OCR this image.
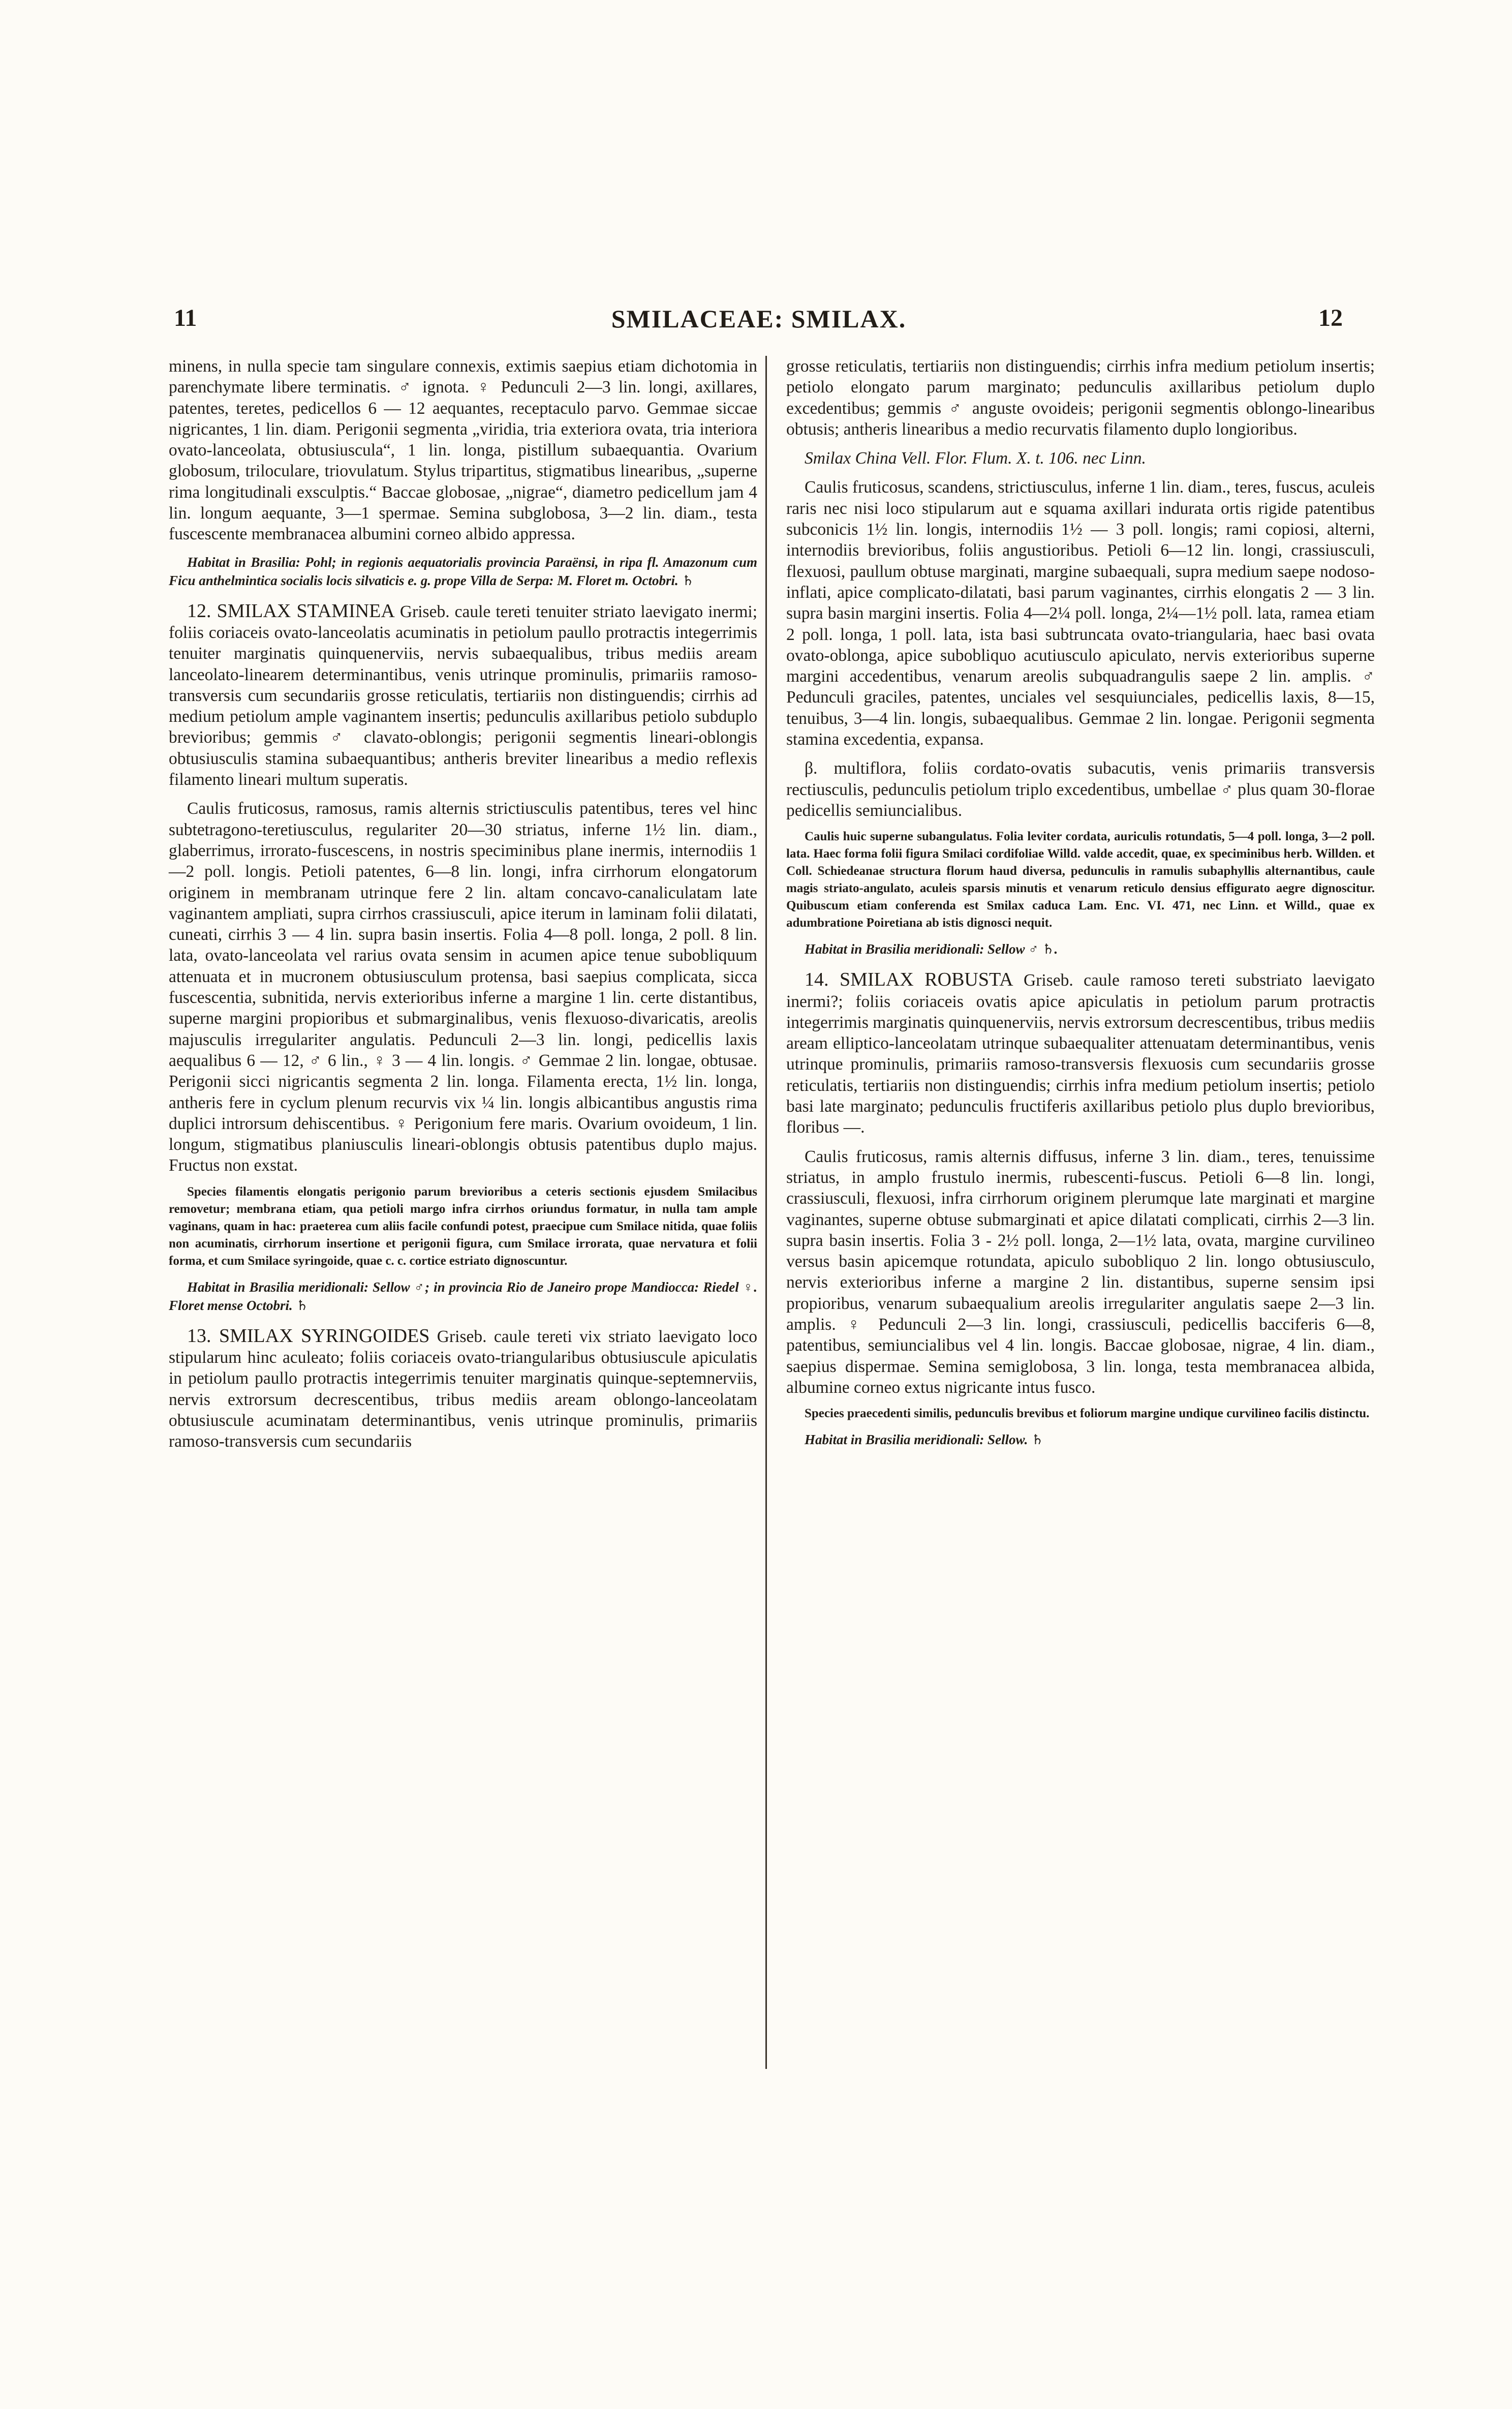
11	SMILACEAE: SMILAX.	12

minens, in nulla specie tam singulare connexis, extimis saepius etiam dichotomia in parenchymate libere terminatis. ♂ ignota. ♀ Pedunculi 2—3 lin. longi, axillares, patentes, teretes, pedicellos 6 — 12 aequantes, receptaculo parvo. Gemmae siccae nigricantes, 1 lin. diam. Perigonii segmenta „viridia, tria exteriora ovata, tria interiora ovato-lanceolata, obtusiuscula“, 1 lin. longa, pistillum subaequantia. Ovarium globosum, triloculare, triovulatum. Stylus tripartitus, stigmatibus linearibus, „superne rima longitudinali exsculptis.“ Baccae globosae, „nigrae“, diametro pedicellum jam 4 lin. longum aequante, 3—1 spermae. Semina subglobosa, 3—2 lin. diam., testa fuscescente membranacea albumini corneo albido appressa.

Habitat in Brasilia: Pohl; in regionis aequatorialis provincia Paraënsi, in ripa fl. Amazonum cum Ficu anthelmintica socialis locis silvaticis e. g. prope Villa de Serpa: M. Floret m. Octobri. ♄

12. SMILAX STAMINEA Griseb. caule tereti tenuiter striato laevigato inermi; foliis coriaceis ovato-lanceolatis acuminatis in petiolum paullo protractis integerrimis tenuiter marginatis quinquenerviis, nervis subaequalibus, tribus mediis aream lanceolato-linearem determinantibus, venis utrinque prominulis, primariis ramoso-transversis cum secundariis grosse reticulatis, tertiariis non distinguendis; cirrhis ad medium petiolum ample vaginantem insertis; pedunculis axillaribus petiolo subduplo brevioribus; gemmis ♂ clavato-oblongis; perigonii segmentis lineari-oblongis obtusiusculis stamina subaequantibus; antheris breviter linearibus a medio reflexis filamento lineari multum superatis.

Caulis fruticosus, ramosus, ramis alternis strictiusculis patentibus, teres vel hinc subtetragono-teretiusculus, regulariter 20—30 striatus, inferne 1½ lin. diam., glaberrimus, irrorato-fuscescens, in nostris speciminibus plane inermis, internodiis 1—2 poll. longis. Petioli patentes, 6—8 lin. longi, infra cirrhorum elongatorum originem in membranam utrinque fere 2 lin. altam concavo-canaliculatam late vaginantem ampliati, supra cirrhos crassiusculi, apice iterum in laminam folii dilatati, cuneati, cirrhis 3 — 4 lin. supra basin insertis. Folia 4—8 poll. longa, 2 poll. 8 lin. lata, ovato-lanceolata vel rarius ovata sensim in acumen apice tenue subobliquum attenuata et in mucronem obtusiusculum protensa, basi saepius complicata, sicca fuscescentia, subnitida, nervis exterioribus inferne a margine 1 lin. certe distantibus, superne margini propioribus et submarginalibus, venis flexuoso-divaricatis, areolis majusculis irregulariter angulatis. Pedunculi 2—3 lin. longi, pedicellis laxis aequalibus 6 — 12, ♂ 6 lin., ♀ 3 — 4 lin. longis. ♂ Gemmae 2 lin. longae, obtusae. Perigonii sicci nigricantis segmenta 2 lin. longa. Filamenta erecta, 1½ lin. longa, antheris fere in cyclum plenum recurvis vix ¼ lin. longis albicantibus angustis rima duplici introrsum dehiscentibus. ♀ Perigonium fere maris. Ovarium ovoideum, 1 lin. longum, stigmatibus planiusculis lineari-oblongis obtusis patentibus duplo majus. Fructus non exstat.

Species filamentis elongatis perigonio parum brevioribus a ceteris sectionis ejusdem Smilacibus removetur; membrana etiam, qua petioli margo infra cirrhos oriundus formatur, in nulla tam ample vaginans, quam in hac: praeterea cum aliis facile confundi potest, praecipue cum Smilace nitida, quae foliis non acuminatis, cirrhorum insertione et perigonii figura, cum Smilace irrorata, quae nervatura et folii forma, et cum Smilace syringoide, quae c. c. cortice estriato dignoscuntur.

Habitat in Brasilia meridionali: Sellow ♂; in provincia Rio de Janeiro prope Mandiocca: Riedel ♀. Floret mense Octobri. ♄

13. SMILAX SYRINGOIDES Griseb. caule tereti vix striato laevigato loco stipularum hinc aculeato; foliis coriaceis ovato-triangularibus obtusiuscule apiculatis in petiolum paullo protractis integerrimis tenuiter marginatis quinque-septemnerviis, nervis extrorsum decrescentibus, tribus mediis aream oblongo-lanceolatam obtusiuscule acuminatam determinantibus, venis utrinque prominulis, primariis ramoso-transversis cum secundariis

grosse reticulatis, tertiariis non distinguendis; cirrhis infra medium petiolum insertis; petiolo elongato parum marginato; pedunculis axillaribus petiolum duplo excedentibus; gemmis ♂ anguste ovoideis; perigonii segmentis oblongo-linearibus obtusis; antheris linearibus a medio recurvatis filamento duplo longioribus.

Smilax China Vell. Flor. Flum. X. t. 106. nec Linn.

Caulis fruticosus, scandens, strictiusculus, inferne 1 lin. diam., teres, fuscus, aculeis raris nec nisi loco stipularum aut e squama axillari indurata ortis rigide patentibus subconicis 1½ lin. longis, internodiis 1½ — 3 poll. longis; rami copiosi, alterni, internodiis brevioribus, foliis angustioribus. Petioli 6—12 lin. longi, crassiusculi, flexuosi, paullum obtuse marginati, margine subaequali, supra medium saepe nodoso-inflati, apice complicato-dilatati, basi parum vaginantes, cirrhis elongatis 2 — 3 lin. supra basin margini insertis. Folia 4—2¼ poll. longa, 2¼—1½ poll. lata, ramea etiam 2 poll. longa, 1 poll. lata, ista basi subtruncata ovato-triangularia, haec basi ovata ovato-oblonga, apice subobliquo acutiusculo apiculato, nervis exterioribus superne margini accedentibus, venarum areolis subquadrangulis saepe 2 lin. amplis. ♂ Pedunculi graciles, patentes, unciales vel sesquiunciales, pedicellis laxis, 8—15, tenuibus, 3—4 lin. longis, subaequalibus. Gemmae 2 lin. longae. Perigonii segmenta stamina excedentia, expansa.

β. multiflora, foliis cordato-ovatis subacutis, venis primariis transversis rectiusculis, pedunculis petiolum triplo excedentibus, umbellae ♂ plus quam 30-florae pedicellis semiuncialibus.

Caulis huic superne subangulatus. Folia leviter cordata, auriculis rotundatis, 5—4 poll. longa, 3—2 poll. lata. Haec forma folii figura Smilaci cordifoliae Willd. valde accedit, quae, ex speciminibus herb. Willden. et Coll. Schiedeanae structura florum haud diversa, pedunculis in ramulis subaphyllis alternantibus, caule magis striato-angulato, aculeis sparsis minutis et venarum reticulo densius effigurato aegre dignoscitur. Quibuscum etiam conferenda est Smilax caduca Lam. Enc. VI. 471, nec Linn. et Willd., quae ex adumbratione Poiretiana ab istis dignosci nequit.

Habitat in Brasilia meridionali: Sellow ♂ ♄.

14. SMILAX ROBUSTA Griseb. caule ramoso tereti substriato laevigato inermi?; foliis coriaceis ovatis apice apiculatis in petiolum parum protractis integerrimis marginatis quinquenerviis, nervis extrorsum decrescentibus, tribus mediis aream elliptico-lanceolatam utrinque subaequaliter attenuatam determinantibus, venis utrinque prominulis, primariis ramoso-transversis flexuosis cum secundariis grosse reticulatis, tertiariis non distinguendis; cirrhis infra medium petiolum insertis; petiolo basi late marginato; pedunculis fructiferis axillaribus petiolo plus duplo brevioribus, floribus —.

Caulis fruticosus, ramis alternis diffusus, inferne 3 lin. diam., teres, tenuissime striatus, in amplo frustulo inermis, rubescenti-fuscus. Petioli 6—8 lin. longi, crassiusculi, flexuosi, infra cirrhorum originem plerumque late marginati et margine vaginantes, superne obtuse submarginati et apice dilatati complicati, cirrhis 2—3 lin. supra basin insertis. Folia 3 - 2½ poll. longa, 2—1½ lata, ovata, margine curvilineo versus basin apicemque rotundata, apiculo subobliquo 2 lin. longo obtusiusculo, nervis exterioribus inferne a margine 2 lin. distantibus, superne sensim ipsi propioribus, venarum subaequalium areolis irregulariter angulatis saepe 2—3 lin. amplis. ♀ Pedunculi 2—3 lin. longi, crassiusculi, pedicellis bacciferis 6—8, patentibus, semiuncialibus vel 4 lin. longis. Baccae globosae, nigrae, 4 lin. diam., saepius dispermae. Semina semiglobosa, 3 lin. longa, testa membranacea albida, albumine corneo extus nigricante intus fusco.

Species praecedenti similis, pedunculis brevibus et foliorum margine undique curvilineo facilis distinctu.

Habitat in Brasilia meridionali: Sellow. ♄
